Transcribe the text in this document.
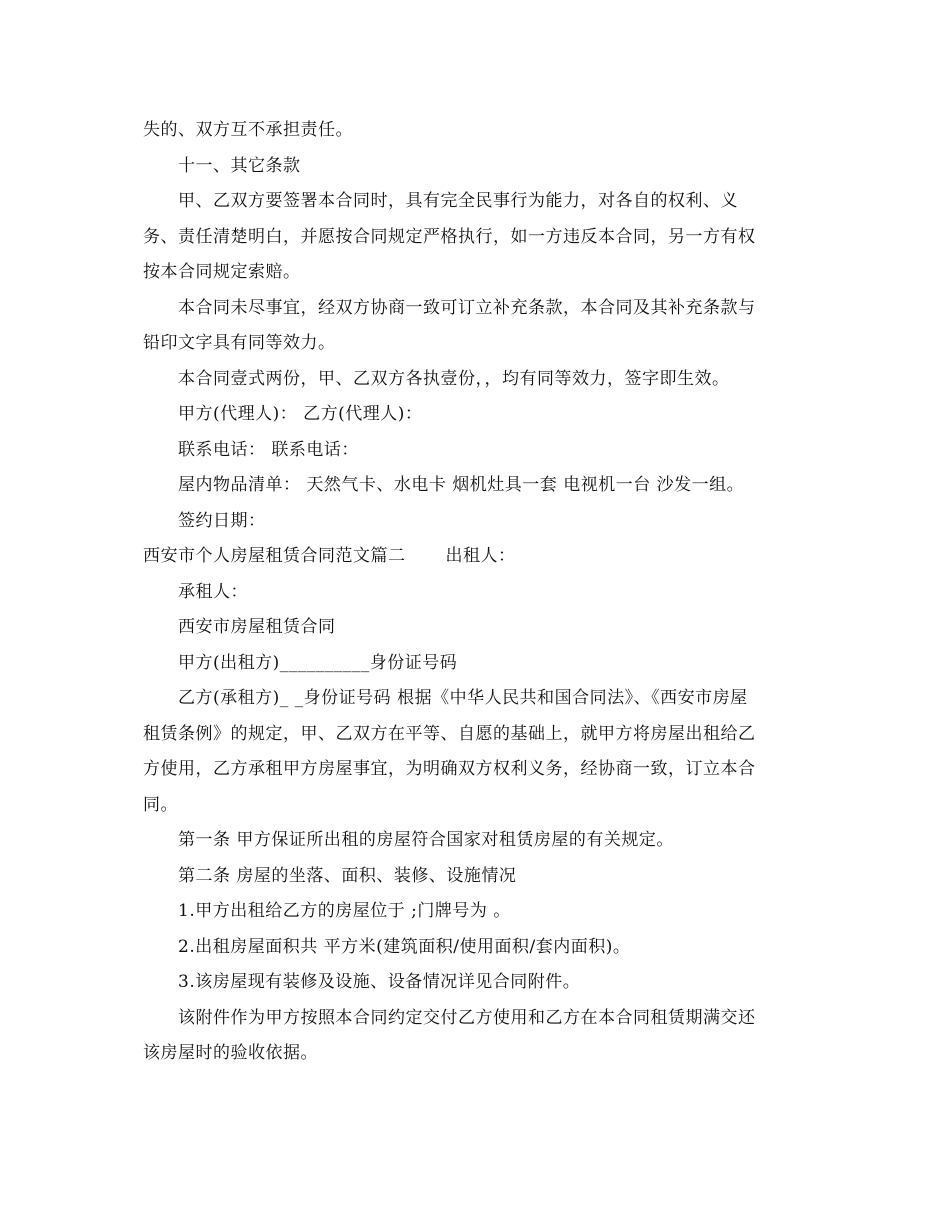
失的、双方互不承担责任。
十一、其它条款
甲、乙双方要签署本合同时，具有完全民事行为能力，对各自的权利、义
务、责任清楚明白，并愿按合同规定严格执行，如一方违反本合同，另一方有权
按本合同规定索赔。
本合同未尽事宜，经双方协商一致可订立补充条款，本合同及其补充条款与
铅印文字具有同等效力。
本合同壹式两份，甲、乙双方各执壹份，，均有同等效力，签字即生效。
甲方(代理人)： 乙方(代理人)：
联系电话： 联系电话：
屋内物品清单： 天然气卡、水电卡 烟机灶具一套 电视机一台 沙发一组。
签约日期：
西安市个人房屋租赁合同范文篇二 出租人：
承租人：
西安市房屋租赁合同
甲方(出租方)__________身份证号码
乙方(承租方)_ _身份证号码 根据《中华人民共和国合同法》、《西安市房屋
租赁条例》的规定，甲、乙双方在平等、自愿的基础上，就甲方将房屋出租给乙
方使用，乙方承租甲方房屋事宜，为明确双方权利义务，经协商一致，订立本合
同。
第一条 甲方保证所出租的房屋符合国家对租赁房屋的有关规定。
第二条 房屋的坐落、面积、装修、设施情况
1.甲方出租给乙方的房屋位于 ;门牌号为 。
2.出租房屋面积共 平方米(建筑面积/使用面积/套内面积)。
3.该房屋现有装修及设施、设备情况详见合同附件。
该附件作为甲方按照本合同约定交付乙方使用和乙方在本合同租赁期满交还
该房屋时的验收依据。
